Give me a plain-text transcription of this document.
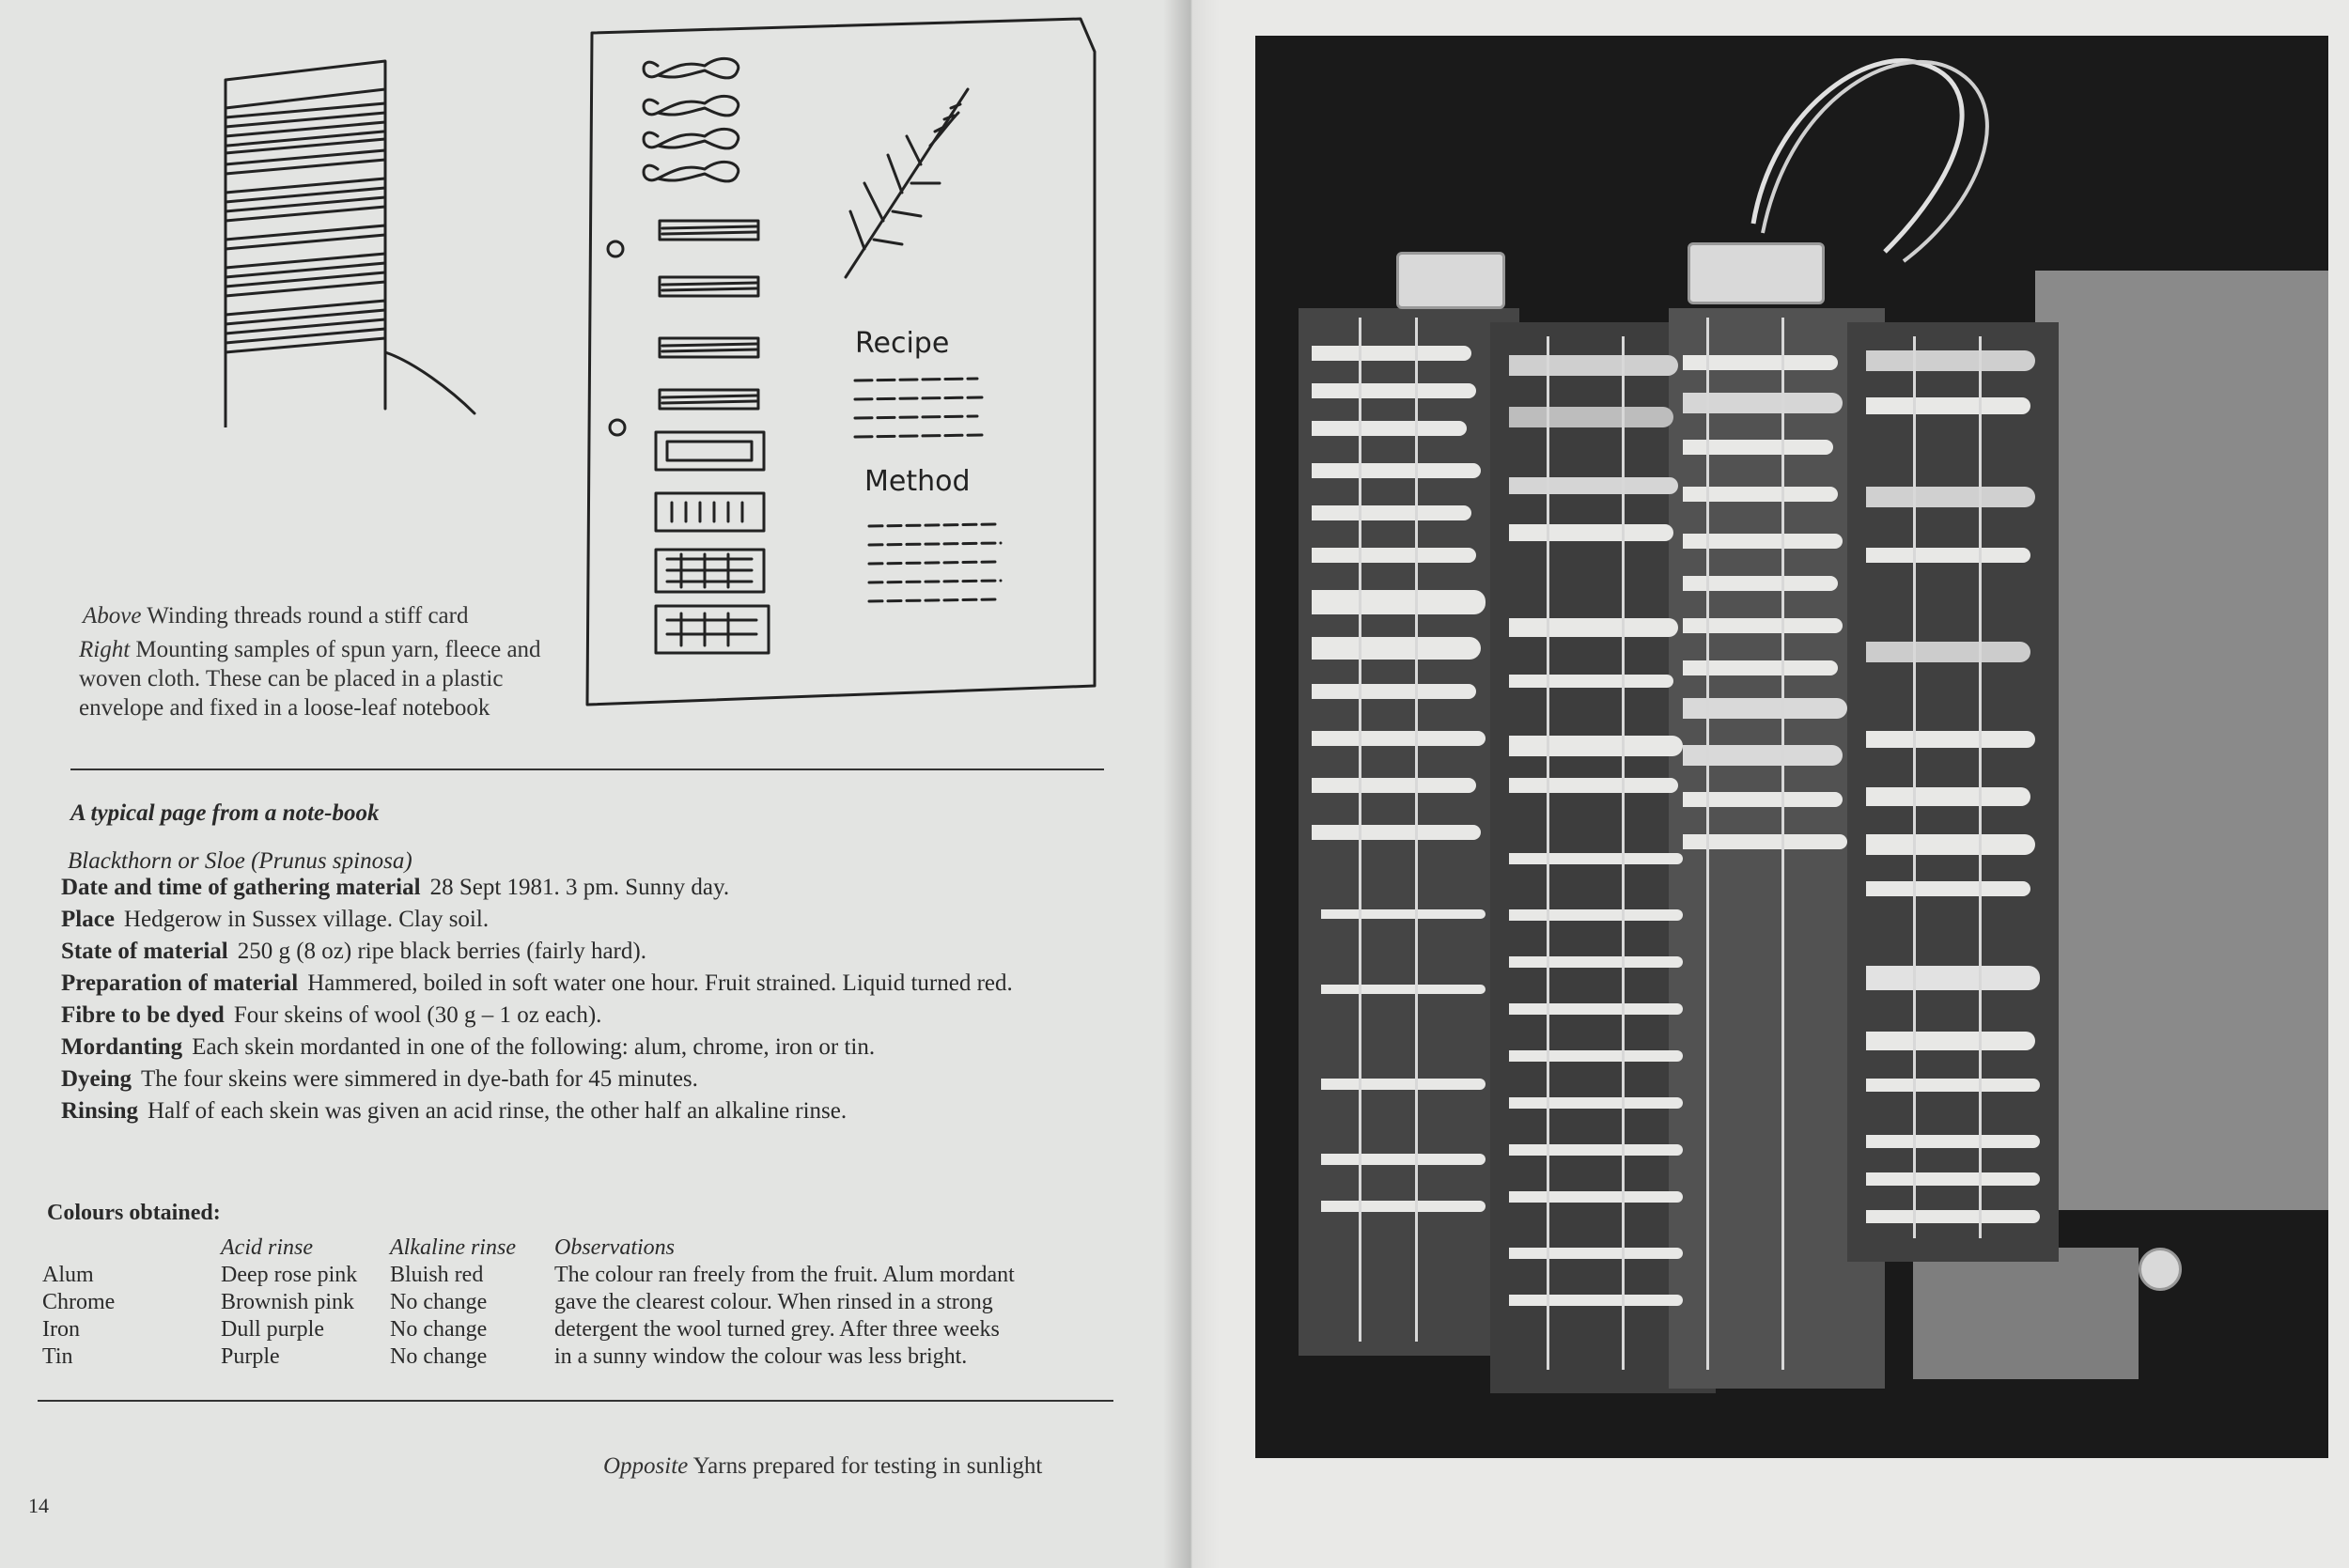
Recipe
Method
Above Winding threads round a stiff card
Right Mounting samples of spun yarn, fleece and
woven cloth. These can be placed in a plastic
envelope and fixed in a loose-leaf notebook
A typical page from a note-book
Blackthorn or Sloe (Prunus spinosa)
Date and time of gathering material 28 Sept 1981. 3 pm. Sunny day.
Place Hedgerow in Sussex village. Clay soil.
State of material 250 g (8 oz) ripe black berries (fairly hard).
Preparation of material Hammered, boiled in soft water one hour. Fruit strained. Liquid turned red.
Fibre to be dyed Four skeins of wool (30 g – 1 oz each).
Mordanting Each skein mordanted in one of the following: alum, chrome, iron or tin.
Dyeing The four skeins were simmered in dye-bath for 45 minutes.
Rinsing Half of each skein was given an acid rinse, the other half an alkaline rinse.
Colours obtained:
	Acid rinse	Alkaline rinse	Observations
Alum	Deep rose pink	Bluish red	The colour ran freely from the fruit. Alum mordant
Chrome	Brownish pink	No change	gave the clearest colour. When rinsed in a strong
Iron	Dull purple	No change	detergent the wool turned grey. After three weeks
Tin	Purple	No change	in a sunny window the colour was less bright.
Opposite Yarns prepared for testing in sunlight
14
